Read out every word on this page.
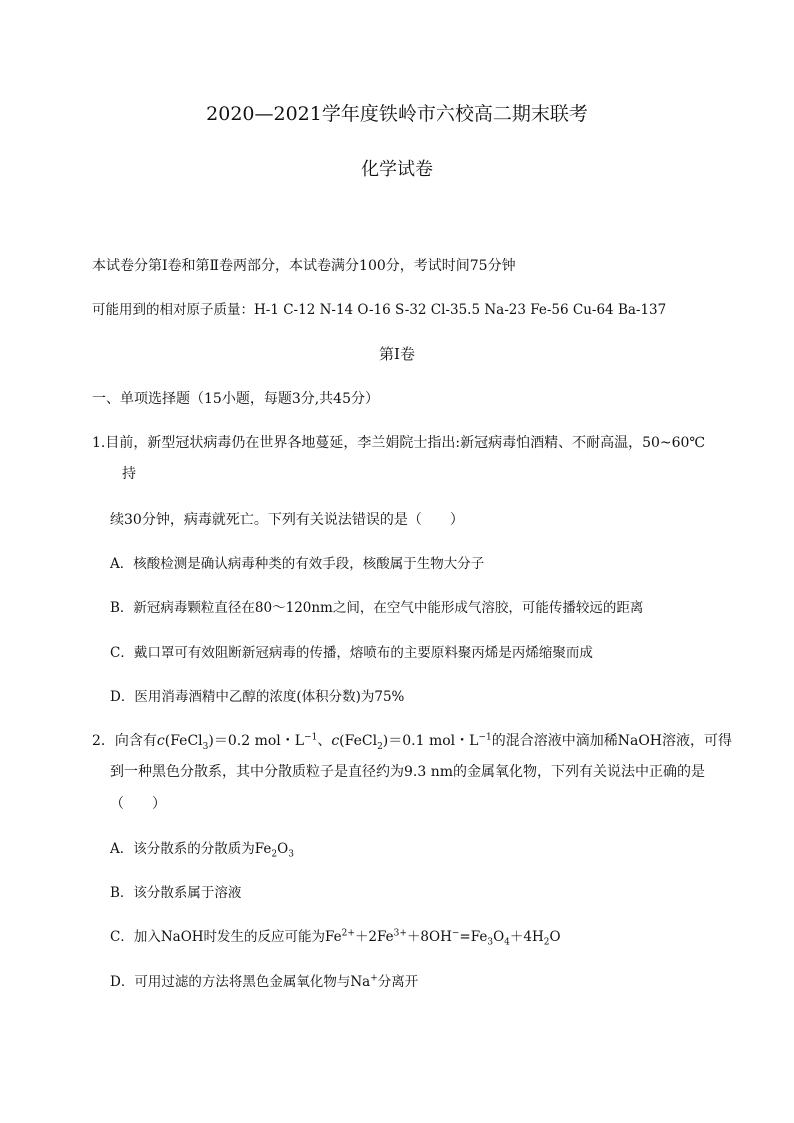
2020—2021学年度铁岭市六校高二期末联考
化学试卷
本试卷分第Ⅰ卷和第Ⅱ卷两部分，本试卷满分100分，考试时间75分钟
可能用到的相对原子质量：H-1 C-12 N-14 O-16 S-32 Cl-35.5 Na-23 Fe-56 Cu-64 Ba-137
第Ⅰ卷
一、单项选择题（15小题，每题3分,共45分）
1.目前，新型冠状病毒仍在世界各地蔓延，李兰娟院士指出:新冠病毒怕酒精、不耐高温，50~60℃
持
续30分钟，病毒就死亡。下列有关说法错误的是（　　）
A．核酸检测是确认病毒种类的有效手段，核酸属于生物大分子
B．新冠病毒颗粒直径在80～120nm之间，在空气中能形成气溶胶，可能传播较远的距离
C．戴口罩可有效阻断新冠病毒的传播，熔喷布的主要原料聚丙烯是丙烯缩聚而成
D．医用消毒酒精中乙醇的浓度(体积分数)为75%
2．向含有c(FeCl$_3$)＝0.2 mol・$L^{-1}$、c(FeCl$_2$)＝0.1 mol・$L^{-1}$的混合溶液中滴加稀NaOH溶液，可得
到一种黑色分散系，其中分散质粒子是直径约为9.3 nm的金属氧化物，下列有关说法中正确的是
（　　）
A．该分散系的分散质为$Fe_2O_3$
B．该分散系属于溶液
C．加入NaOH时发生的反应可能为$Fe^{2+}+2Fe^{3+}+8OH^-=Fe_3O_4+4H_2O$
D．可用过滤的方法将黑色金属氧化物与Na+分离开
